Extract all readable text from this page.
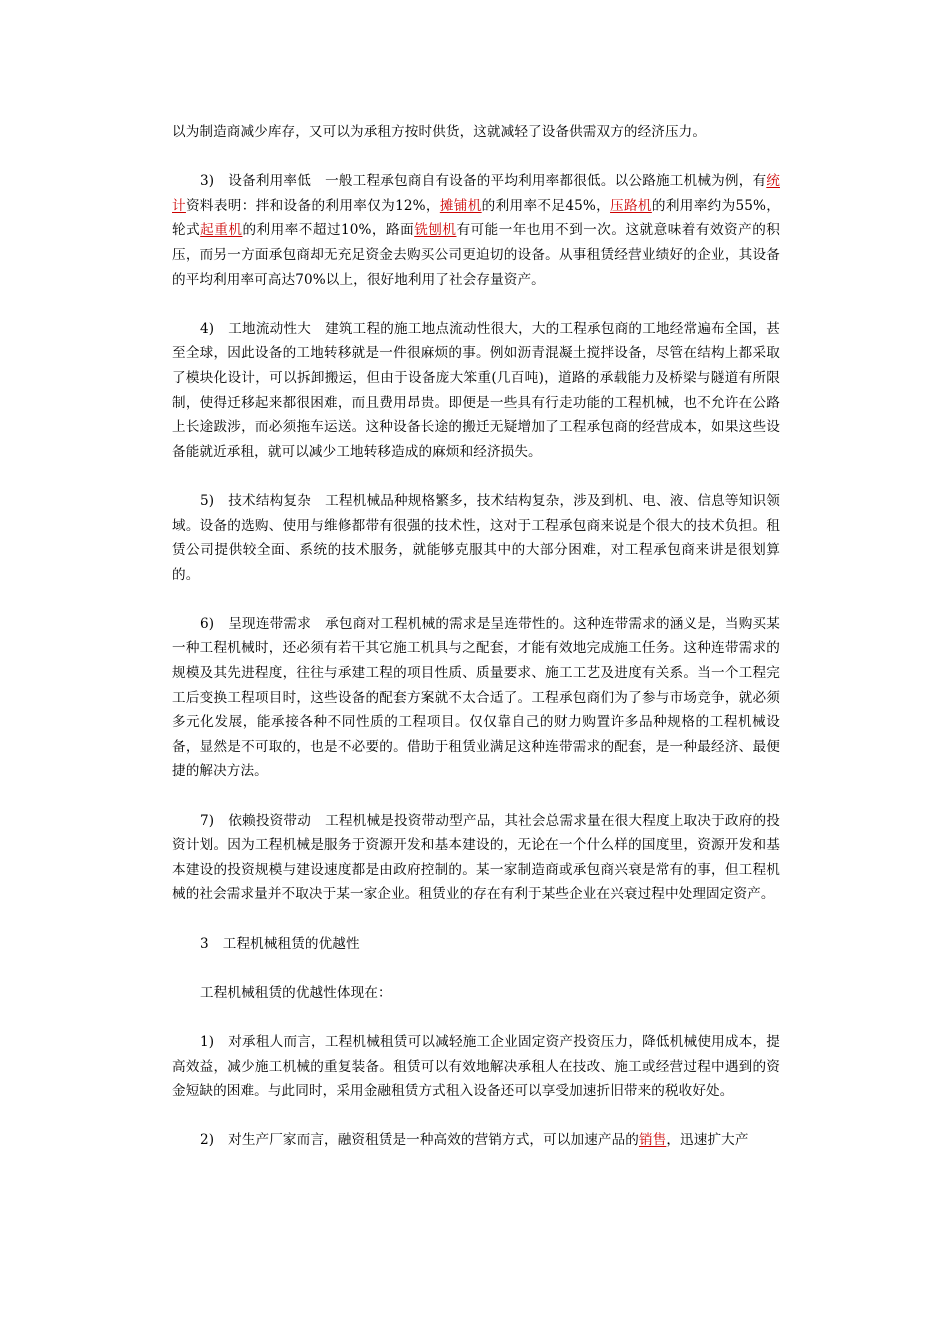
以为制造商减少库存，又可以为承租方按时供货，这就减轻了设备供需双方的经济压力。

3) 设备利用率低 一般工程承包商自有设备的平均利用率都很低。以公路施工机械为例，有统计资料表明：拌和设备的利用率仅为12%，摊铺机的利用率不足45%，压路机的利用率约为55%，轮式起重机的利用率不超过10%，路面铣刨机有可能一年也用不到一次。这就意味着有效资产的积压，而另一方面承包商却无充足资金去购买公司更迫切的设备。从事租赁经营业绩好的企业，其设备的平均利用率可高达70%以上，很好地利用了社会存量资产。

4) 工地流动性大 建筑工程的施工地点流动性很大，大的工程承包商的工地经常遍布全国，甚至全球，因此设备的工地转移就是一件很麻烦的事。例如沥青混凝土搅拌设备，尽管在结构上都采取了模块化设计，可以拆卸搬运，但由于设备庞大笨重(几百吨)，道路的承载能力及桥梁与隧道有所限制，使得迁移起来都很困难，而且费用昂贵。即便是一些具有行走功能的工程机械，也不允许在公路上长途跋涉，而必须拖车运送。这种设备长途的搬迁无疑增加了工程承包商的经营成本，如果这些设备能就近承租，就可以减少工地转移造成的麻烦和经济损失。

5) 技术结构复杂 工程机械品种规格繁多，技术结构复杂，涉及到机、电、液、信息等知识领域。设备的选购、使用与维修都带有很强的技术性，这对于工程承包商来说是个很大的技术负担。租赁公司提供较全面、系统的技术服务，就能够克服其中的大部分困难，对工程承包商来讲是很划算的。

6) 呈现连带需求 承包商对工程机械的需求是呈连带性的。这种连带需求的涵义是，当购买某一种工程机械时，还必须有若干其它施工机具与之配套，才能有效地完成施工任务。这种连带需求的规模及其先进程度，往往与承建工程的项目性质、质量要求、施工工艺及进度有关系。当一个工程完工后变换工程项目时，这些设备的配套方案就不太合适了。工程承包商们为了参与市场竞争，就必须多元化发展，能承接各种不同性质的工程项目。仅仅靠自己的财力购置许多品种规格的工程机械设备，显然是不可取的，也是不必要的。借助于租赁业满足这种连带需求的配套，是一种最经济、最便捷的解决方法。

7) 依赖投资带动 工程机械是投资带动型产品，其社会总需求量在很大程度上取决于政府的投资计划。因为工程机械是服务于资源开发和基本建设的，无论在一个什么样的国度里，资源开发和基本建设的投资规模与建设速度都是由政府控制的。某一家制造商或承包商兴衰是常有的事，但工程机械的社会需求量并不取决于某一家企业。租赁业的存在有利于某些企业在兴衰过程中处理固定资产。

3 工程机械租赁的优越性

工程机械租赁的优越性体现在：

1) 对承租人而言，工程机械租赁可以减轻施工企业固定资产投资压力，降低机械使用成本，提高效益，减少施工机械的重复装备。租赁可以有效地解决承租人在技改、施工或经营过程中遇到的资金短缺的困难。与此同时，采用金融租赁方式租入设备还可以享受加速折旧带来的税收好处。

2) 对生产厂家而言，融资租赁是一种高效的营销方式，可以加速产品的销售，迅速扩大产
